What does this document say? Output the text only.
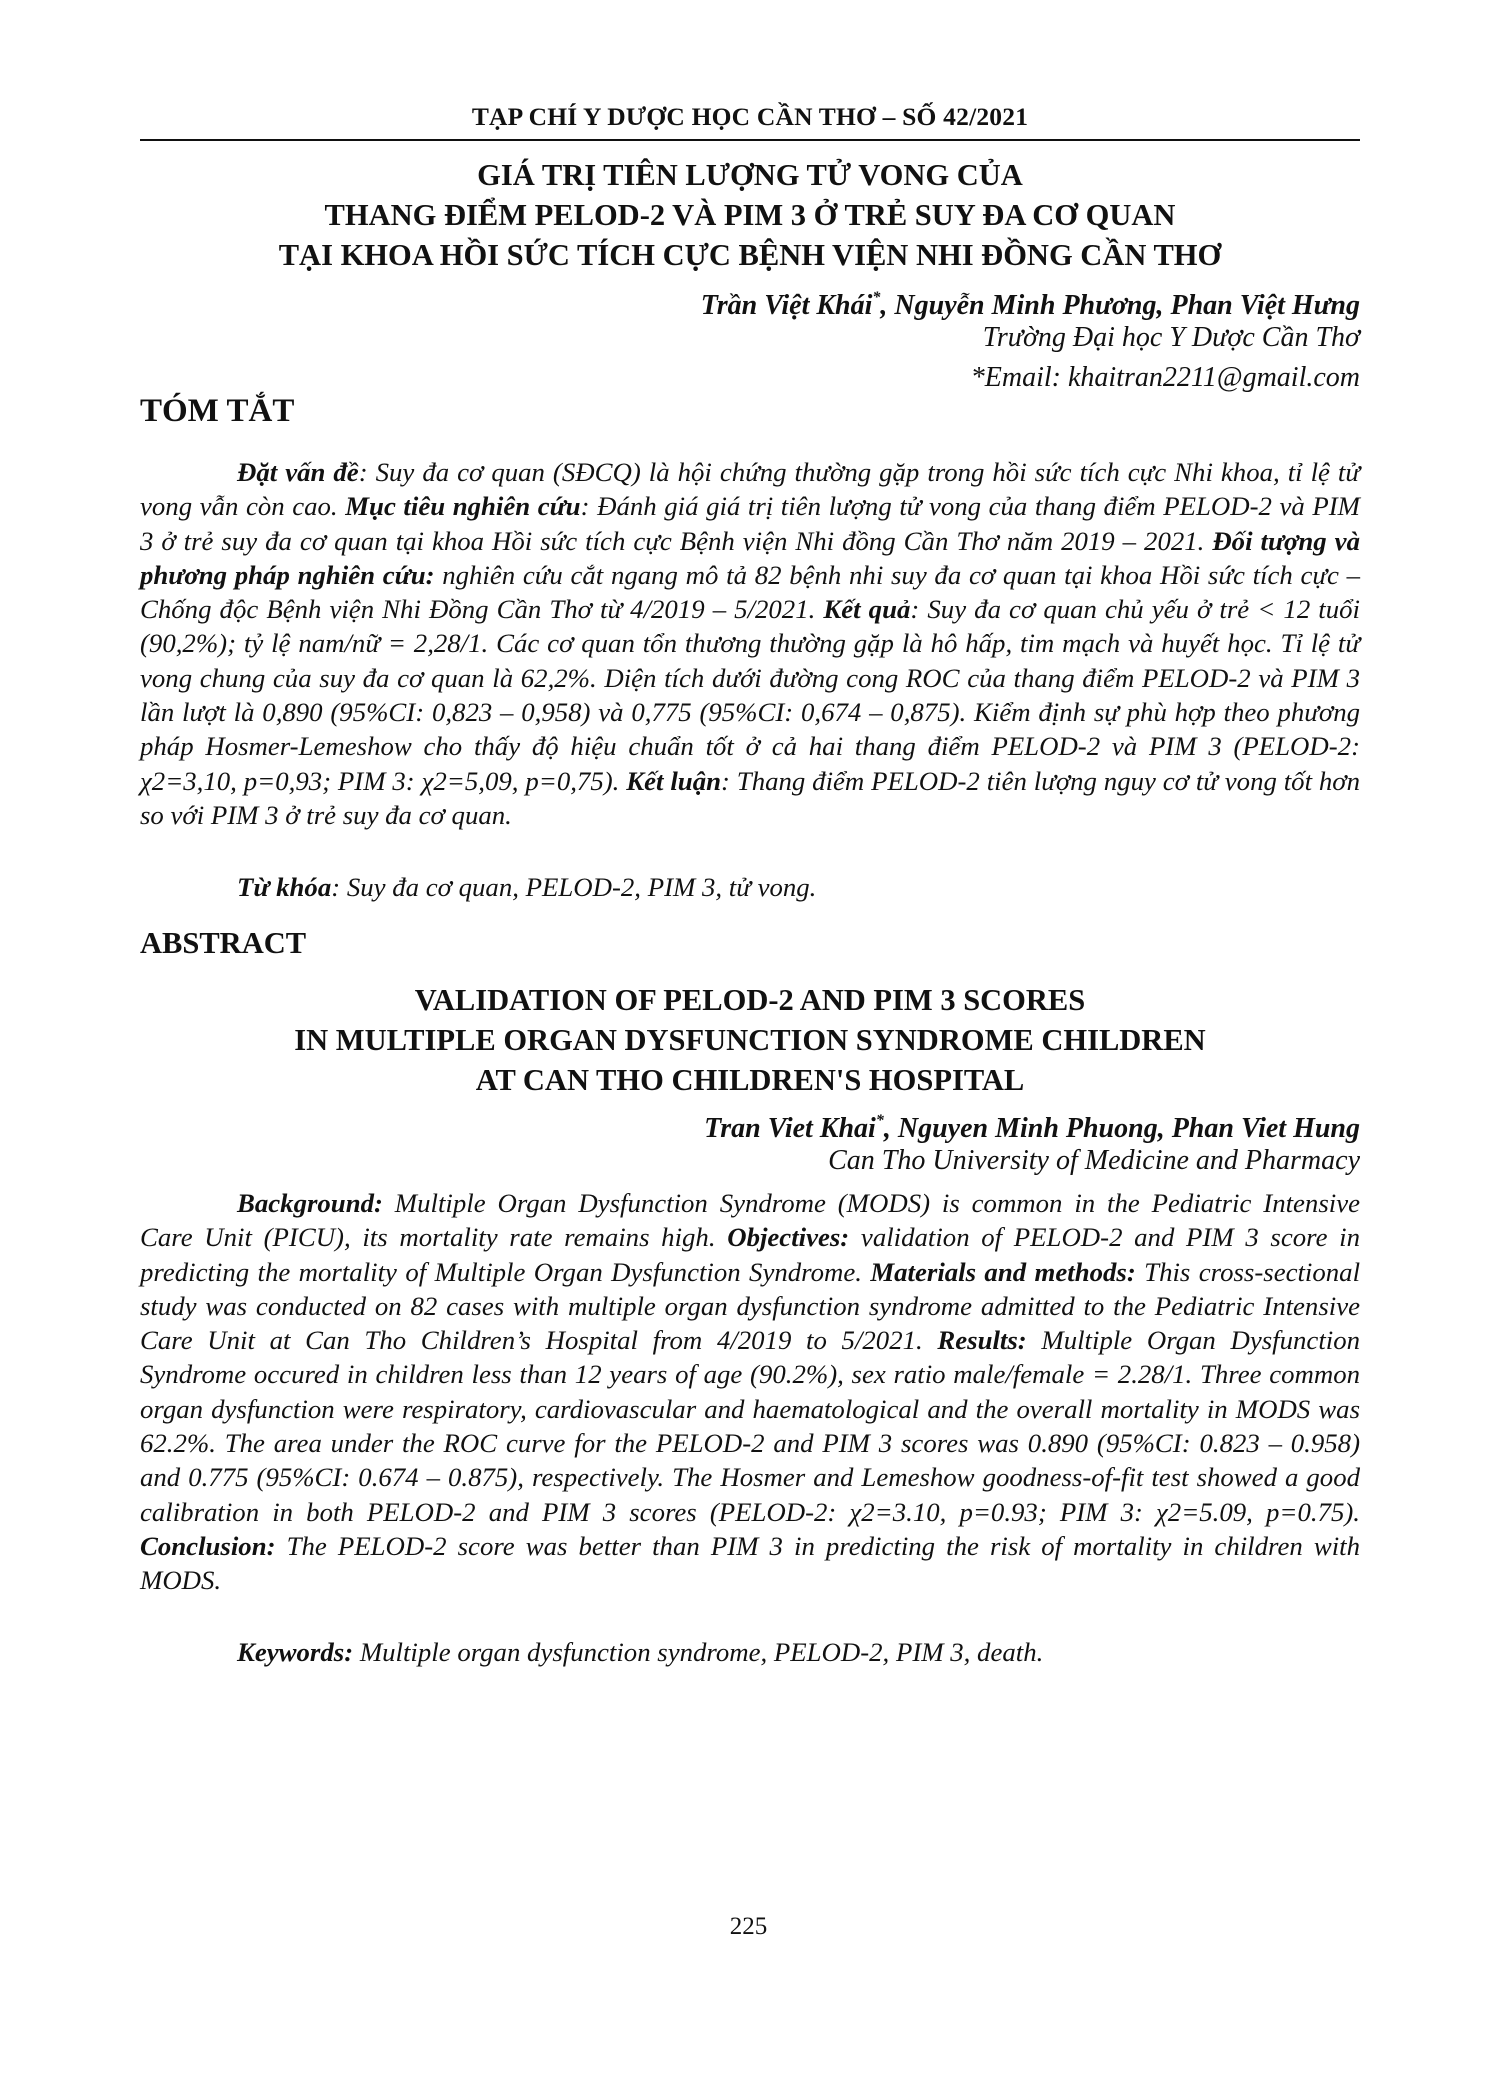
TẠP CHÍ Y DƯỢC HỌC CẦN THƠ – SỐ 42/2021
GIÁ TRỊ TIÊN LƯỢNG TỬ VONG CỦA
THANG ĐIỂM PELOD-2 VÀ PIM 3 Ở TRẺ SUY ĐA CƠ QUAN
TẠI KHOA HỒI SỨC TÍCH CỰC BỆNH VIỆN NHI ĐỒNG CẦN THƠ
Trần Việt Khái*, Nguyễn Minh Phương, Phan Việt Hưng
Trường Đại học Y Dược Cần Thơ
*Email: khaitran2211@gmail.com
TÓM TẮT

Đặt vấn đề: Suy đa cơ quan (SĐCQ) là hội chứng thường gặp trong hồi sức tích cực Nhi khoa, tỉ lệ tử vong vẫn còn cao. Mục tiêu nghiên cứu: Đánh giá giá trị tiên lượng tử vong của thang điểm PELOD-2 và PIM 3 ở trẻ suy đa cơ quan tại khoa Hồi sức tích cực Bệnh viện Nhi đồng Cần Thơ năm 2019 – 2021. Đối tượng và phương pháp nghiên cứu: nghiên cứu cắt ngang mô tả 82 bệnh nhi suy đa cơ quan tại khoa Hồi sức tích cực – Chống độc Bệnh viện Nhi Đồng Cần Thơ từ 4/2019 – 5/2021. Kết quả: Suy đa cơ quan chủ yếu ở trẻ < 12 tuổi (90,2%); tỷ lệ nam/nữ = 2,28/1. Các cơ quan tổn thương thường gặp là hô hấp, tim mạch và huyết học. Tỉ lệ tử vong chung của suy đa cơ quan là 62,2%. Diện tích dưới đường cong ROC của thang điểm PELOD-2 và PIM 3 lần lượt là 0,890 (95%CI: 0,823 – 0,958) và 0,775 (95%CI: 0,674 – 0,875). Kiểm định sự phù hợp theo phương pháp Hosmer-Lemeshow cho thấy độ hiệu chuẩn tốt ở cả hai thang điểm PELOD-2 và PIM 3 (PELOD-2: χ2=3,10, p=0,93; PIM 3: χ2=5,09, p=0,75). Kết luận: Thang điểm PELOD-2 tiên lượng nguy cơ tử vong tốt hơn so với PIM 3 ở trẻ suy đa cơ quan.

Từ khóa: Suy đa cơ quan, PELOD-2, PIM 3, tử vong.

ABSTRACT
VALIDATION OF PELOD-2 AND PIM 3 SCORES
IN MULTIPLE ORGAN DYSFUNCTION SYNDROME CHILDREN
AT CAN THO CHILDREN'S HOSPITAL
Tran Viet Khai*, Nguyen Minh Phuong, Phan Viet Hung
Can Tho University of Medicine and Pharmacy

Background: Multiple Organ Dysfunction Syndrome (MODS) is common in the Pediatric Intensive Care Unit (PICU), its mortality rate remains high. Objectives: validation of PELOD-2 and PIM 3 score in predicting the mortality of Multiple Organ Dysfunction Syndrome. Materials and methods: This cross-sectional study was conducted on 82 cases with multiple organ dysfunction syndrome admitted to the Pediatric Intensive Care Unit at Can Tho Children’s Hospital from 4/2019 to 5/2021. Results: Multiple Organ Dysfunction Syndrome occured in children less than 12 years of age (90.2%), sex ratio male/female = 2.28/1. Three common organ dysfunction were respiratory, cardiovascular and haematological and the overall mortality in MODS was 62.2%. The area under the ROC curve for the PELOD-2 and PIM 3 scores was 0.890 (95%CI: 0.823 – 0.958) and 0.775 (95%CI: 0.674 – 0.875), respectively. The Hosmer and Lemeshow goodness-of-fit test showed a good calibration in both PELOD-2 and PIM 3 scores (PELOD-2: χ2=3.10, p=0.93; PIM 3: χ2=5.09, p=0.75). Conclusion: The PELOD-2 score was better than PIM 3 in predicting the risk of mortality in children with MODS.

Keywords: Multiple organ dysfunction syndrome, PELOD-2, PIM 3, death.

225
